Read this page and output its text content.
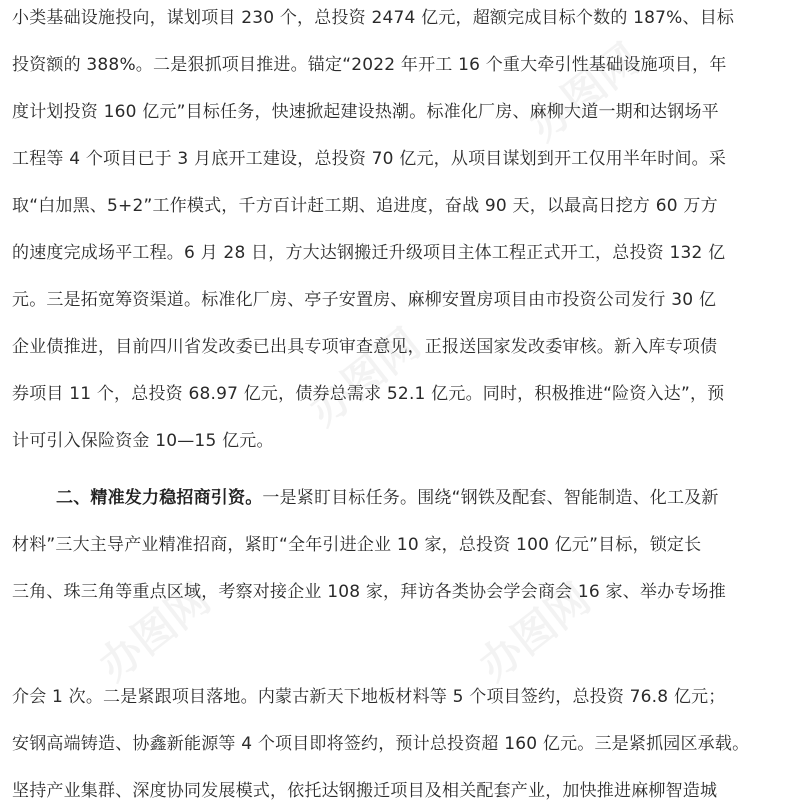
办图网
办图网
办图网	办图网
小类基础设施投向，谋划项目 230 个，总投资 2474 亿元，超额完成目标个数的 187%、目标
投资额的 388%。二是狠抓项目推进。锚定“2022 年开工 16 个重大牵引性基础设施项目，年
度计划投资 160 亿元”目标任务，快速掀起建设热潮。标准化厂房、麻柳大道一期和达钢场平
工程等 4 个项目已于 3 月底开工建设，总投资 70 亿元，从项目谋划到开工仅用半年时间。采
取“白加黑、5+2”工作模式，千方百计赶工期、追进度，奋战 90 天，以最高日挖方 60 万方
的速度完成场平工程。6 月 28 日，方大达钢搬迁升级项目主体工程正式开工，总投资 132 亿
元。三是拓宽筹资渠道。标准化厂房、亭子安置房、麻柳安置房项目由市投资公司发行 30 亿
企业债推进，目前四川省发改委已出具专项审查意见，正报送国家发改委审核。新入库专项债
券项目 11 个，总投资 68.97 亿元，债券总需求 52.1 亿元。同时，积极推进“险资入达”，预
计可引入保险资金 10—15 亿元。
二、精准发力稳招商引资。一是紧盯目标任务。围绕“钢铁及配套、智能制造、化工及新
材料”三大主导产业精准招商，紧盯“全年引进企业 10 家，总投资 100 亿元”目标，锁定长
三角、珠三角等重点区域，考察对接企业 108 家，拜访各类协会学会商会 16 家、举办专场推
介会 1 次。二是紧跟项目落地。内蒙古新天下地板材料等 5 个项目签约，总投资 76.8 亿元；
安钢高端铸造、协鑫新能源等 4 个项目即将签约，预计总投资超 160 亿元。三是紧抓园区承载。
坚持产业集群、深度协同发展模式，依托达钢搬迁项目及相关配套产业，加快推进麻柳智造城
